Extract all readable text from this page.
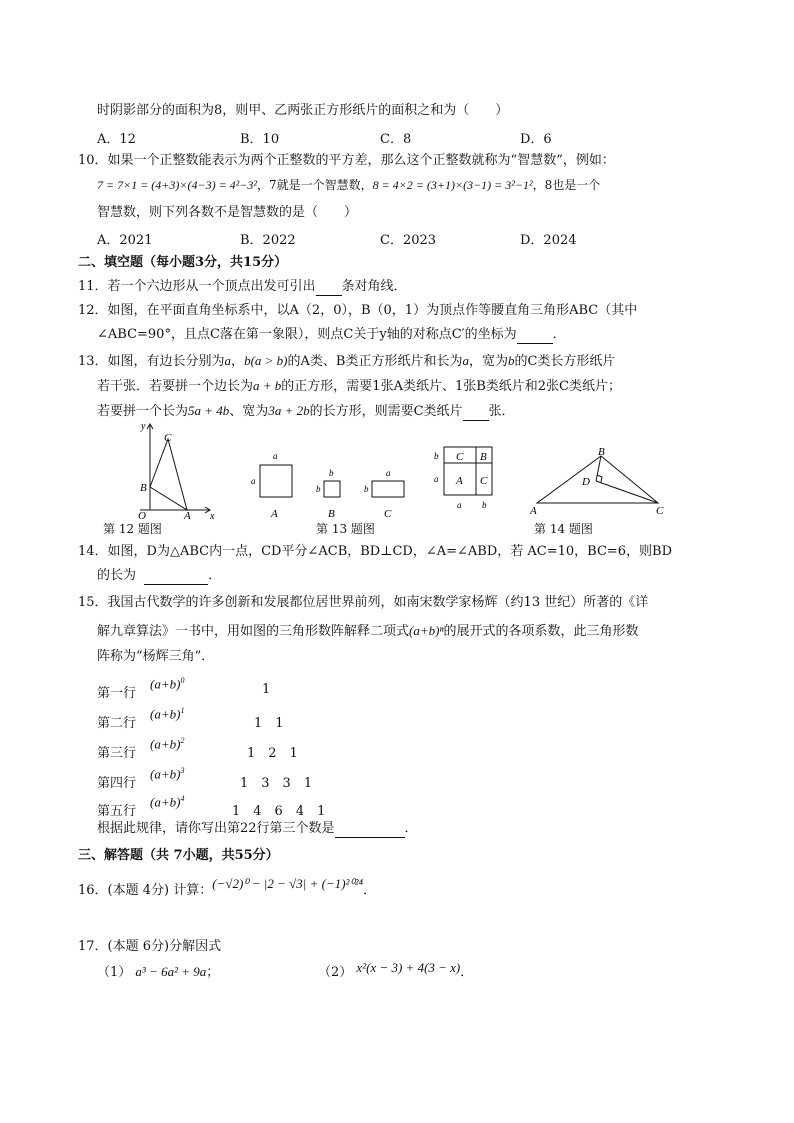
时阴影部分的面积为8，则甲、乙两张正方形纸片的面积之和为（　　）
A．12	B．10	C．8	D．6
10．如果一个正整数能表示为两个正整数的平方差，那么这个正整数就称为“智慧数”，例如：
7 = 7×1 = (4+3)×(4−3) = 4²−3²，7就是一个智慧数，8 = 4×2 = (3+1)×(3−1) = 3²−1²，8也是一个
智慧数，则下列各数不是智慧数的是（　　）
A．2021	B．2022	C．2023	D．2024
二、填空题（每小题3分，共15分）
11．若一个六边形从一个顶点出发可引出 条对角线．
12．如图，在平面直角坐标系中，以A（2，0），B（0，1）为顶点作等腰直角三角形ABC（其中
∠ABC=90°，且点C落在第一象限），则点C关于y轴的对称点C′的坐标为	．
13．如图，有边长分别为a，b(a > b)的A类、B类正方形纸片和长为a，宽为b的C类长方形纸片
若干张．若要拼一个边长为a + b的正方形，需要1张A类纸片、1张B类纸片和2张C类纸片；
若要拼一个长为5a + 4b、宽为3a + 2b的长方形，则需要C类纸片 张．
y
C
B
O	A x
a
a
A
b
b
B
b
a
C
b
a
C B
A C
a b
B
D
A	C
第 12 题图	第 13 题图	第 14 题图
14．如图，D为△ABC内一点，CD平分∠ACB，BD⊥CD，∠A=∠ABD，若 AC=10，BC=6，则BD
的长为	．
15．我国古代数学的许多创新和发展都位居世界前列，如南宋数学家杨辉（约13 世纪）所著的《详
解九章算法》一书中，用如图的三角形数阵解释二项式(a+b)ⁿ的展开式的各项系数，此三角形数
阵称为“杨辉三角”．
第一行
$(a+b)^0$
1
第二行
$(a+b)^1$
1　1
第三行
$(a+b)^2$
1　2　1
第四行
$(a+b)^3$
1　3　3　1
第五行
$(a+b)^4$
1　4　6　4　1
根据此规律，请你写出第22行第三个数是	．
三、解答题（共 7小题，共55分）
16．(本题 4分) 计算：(−√2)⁰ − |2 − √3| + (−1)²⁰²⁴．
17．(本题 6分)分解因式
（1） a³ − 6a² + 9a；	（2） x²(x − 3) + 4(3 − x)．
